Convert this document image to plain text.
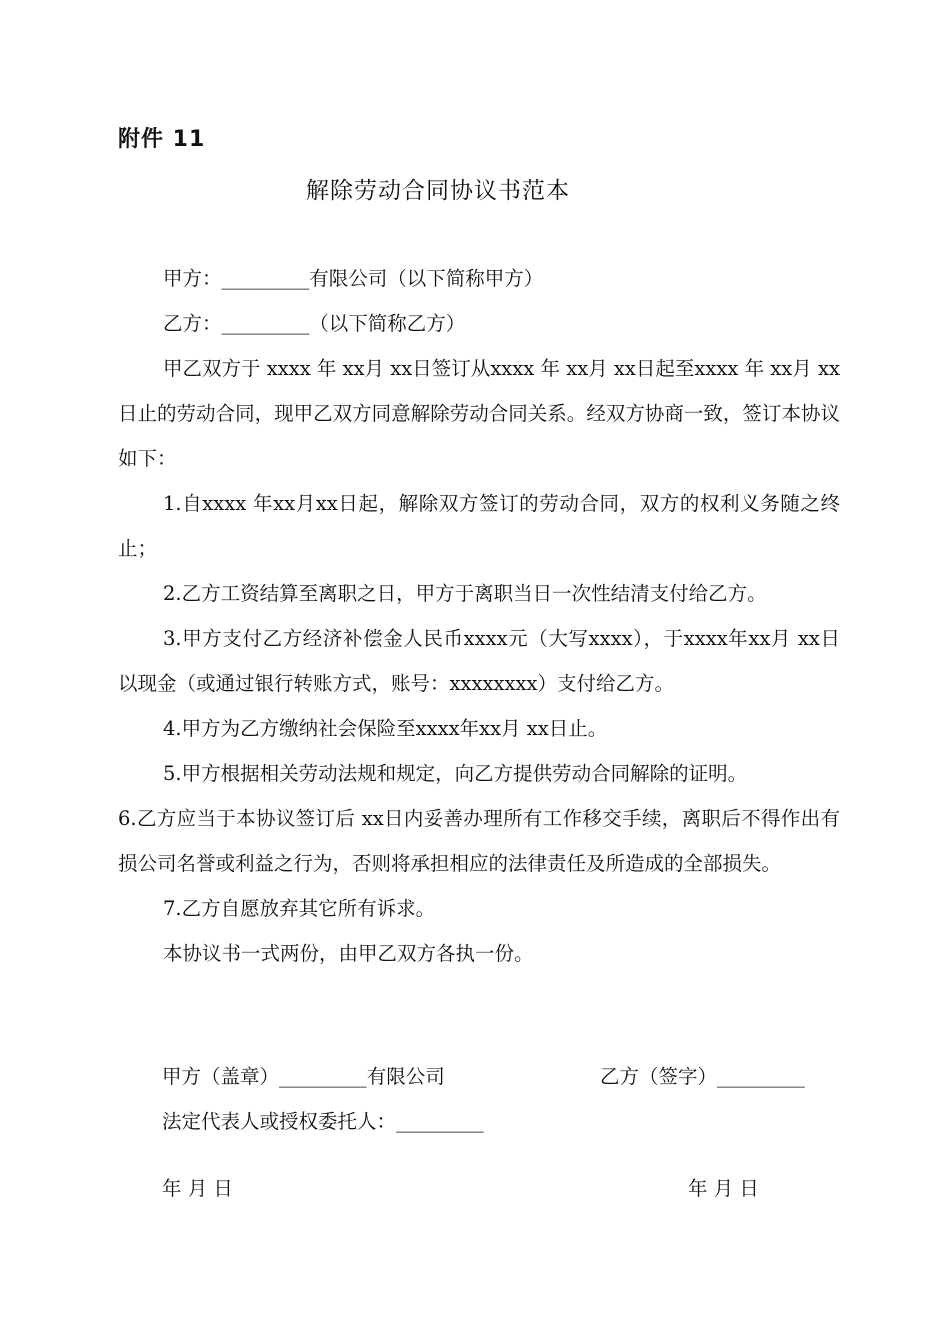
附件 11
解除劳动合同协议书范本

甲方：_________有限公司（以下简称甲方）

乙方：_________（以下简称乙方）

甲乙双方于 xxxx 年 xx月 xx日签订从xxxx 年 xx月 xx日起至xxxx 年 xx月 xx日止的劳动合同，现甲乙双方同意解除劳动合同关系。经双方协商一致，签订本协议如下：

1.自xxxx 年xx月xx日起，解除双方签订的劳动合同，双方的权利义务随之终止；

2.乙方工资结算至离职之日，甲方于离职当日一次性结清支付给乙方。

3.甲方支付乙方经济补偿金人民币xxxx元（大写xxxx），于xxxx年xx月 xx日以现金（或通过银行转账方式，账号：xxxxxxxx）支付给乙方。

4.甲方为乙方缴纳社会保险至xxxx年xx月 xx日止。

5.甲方根据相关劳动法规和规定，向乙方提供劳动合同解除的证明。

6.乙方应当于本协议签订后 xx日内妥善办理所有工作移交手续，离职后不得作出有损公司名誉或利益之行为，否则将承担相应的法律责任及所造成的全部损失。

7.乙方自愿放弃其它所有诉求。

本协议书一式两份，由甲乙双方各执一份。

甲方（盖章）_________有限公司	乙方（签字）_________
法定代表人或授权委托人：_________
年 月 日	年 月 日
